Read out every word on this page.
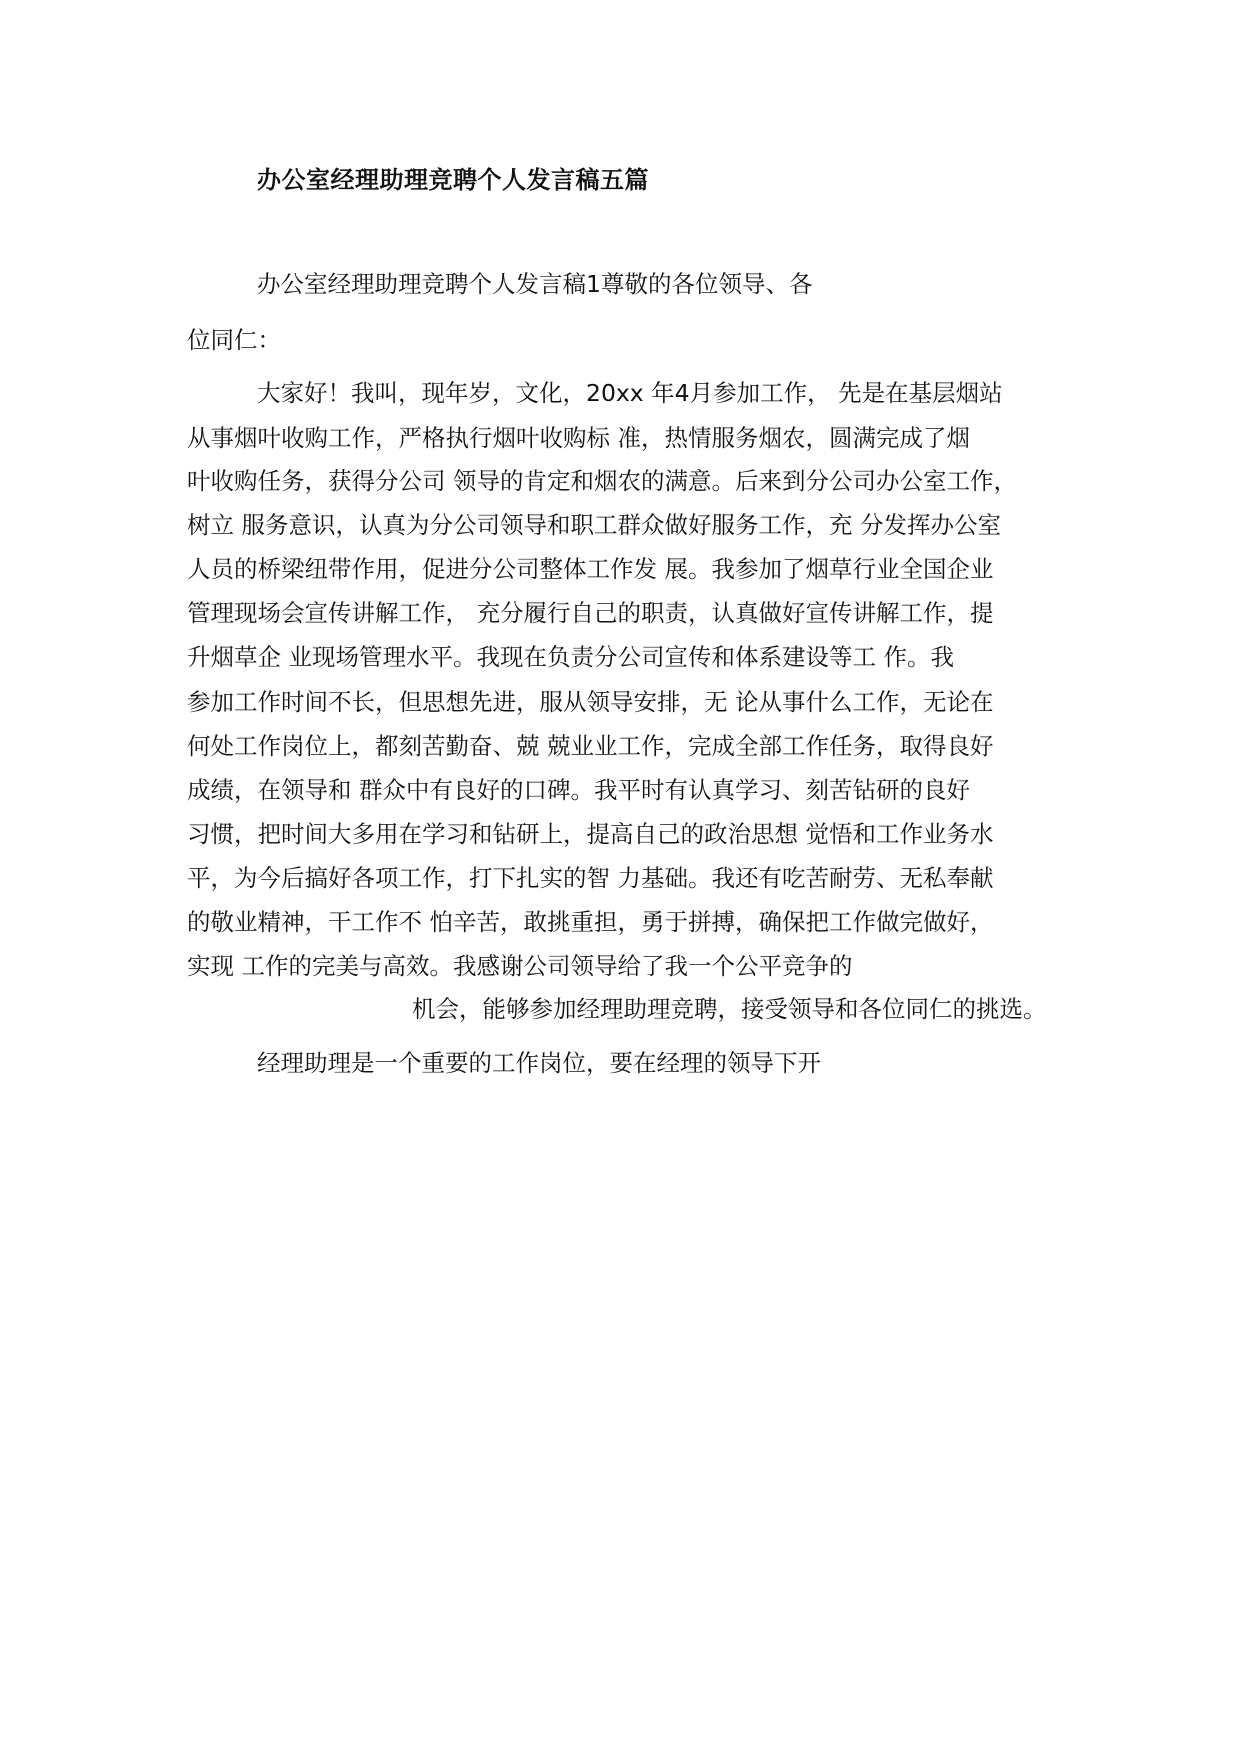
办公室经理助理竞聘个人发言稿五篇
办公室经理助理竞聘个人发言稿1尊敬的各位领导、各
位同仁：
大家好！我叫，现年岁，文化，20xx 年4月参加工作， 先是在基层烟站
从事烟叶收购工作，严格执行烟叶收购标 准，热情服务烟农，圆满完成了烟
叶收购任务，获得分公司 领导的肯定和烟农的满意。后来到分公司办公室工作，
树立 服务意识，认真为分公司领导和职工群众做好服务工作，充 分发挥办公室
人员的桥梁纽带作用，促进分公司整体工作发 展。我参加了烟草行业全国企业
管理现场会宣传讲解工作， 充分履行自己的职责，认真做好宣传讲解工作，提
升烟草企 业现场管理水平。我现在负责分公司宣传和体系建设等工 作。我
参加工作时间不长，但思想先进，服从领导安排，无 论从事什么工作，无论在
何处工作岗位上，都刻苦勤奋、兢 兢业业工作，完成全部工作任务，取得良好
成绩，在领导和 群众中有良好的口碑。我平时有认真学习、刻苦钻研的良好
习惯，把时间大多用在学习和钻研上，提高自己的政治思想 觉悟和工作业务水
平，为今后搞好各项工作，打下扎实的智 力基础。我还有吃苦耐劳、无私奉献
的敬业精神，干工作不 怕辛苦，敢挑重担，勇于拼搏，确保把工作做完做好，
实现 工作的完美与高效。我感谢公司领导给了我一个公平竞争的
机会，能够参加经理助理竞聘，接受领导和各位同仁的挑选。
经理助理是一个重要的工作岗位，要在经理的领导下开
